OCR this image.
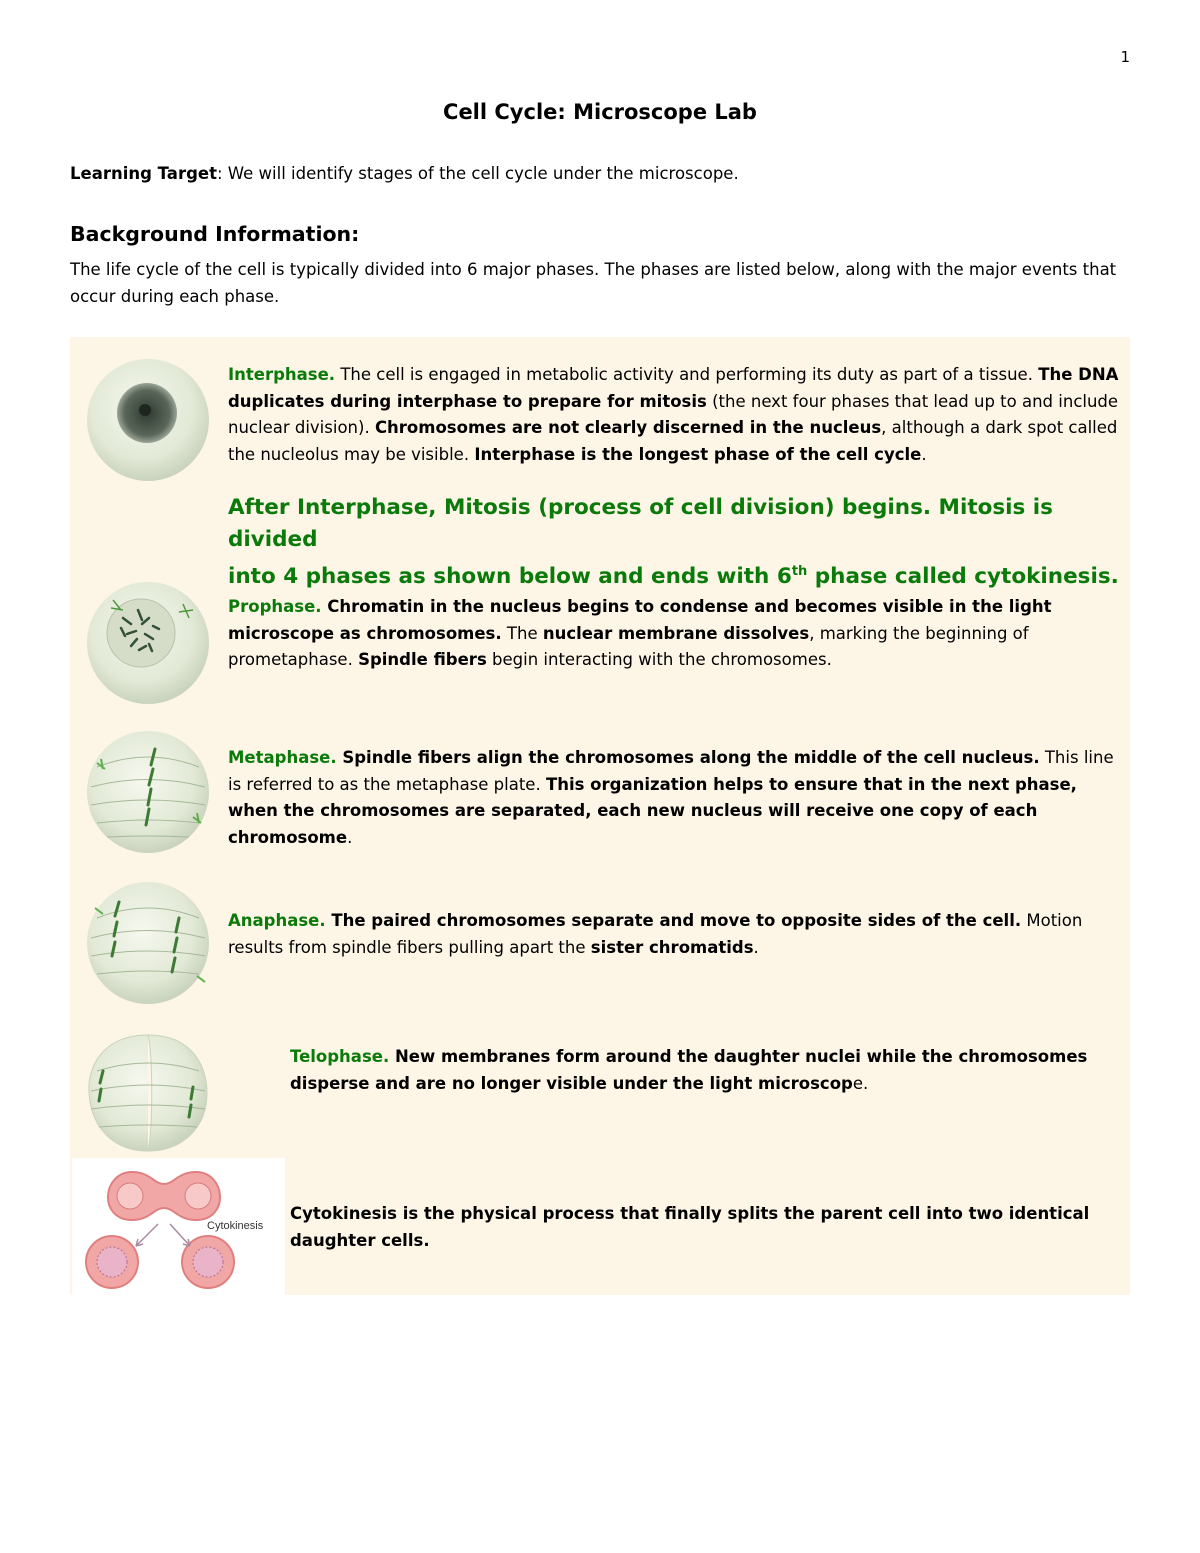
1
Cell Cycle: Microscope Lab
Learning Target: We will identify stages of the cell cycle under the microscope.
Background Information:
The life cycle of the cell is typically divided into 6 major phases. The phases are listed below, along with the major events that occur during each phase.
Interphase. The cell is engaged in metabolic activity and performing its duty as part of a tissue. The DNA duplicates during interphase to prepare for mitosis (the next four phases that lead up to and include nuclear division). Chromosomes are not clearly discerned in the nucleus, although a dark spot called the nucleolus may be visible. Interphase is the longest phase of the cell cycle.
After Interphase, Mitosis (process of cell division) begins. Mitosis is divided
into 4 phases as shown below and ends with 6th phase called cytokinesis.
Prophase. Chromatin in the nucleus begins to condense and becomes visible in the light microscope as chromosomes. The nuclear membrane dissolves, marking the beginning of prometaphase. Spindle fibers begin interacting with the chromosomes.
Metaphase. Spindle fibers align the chromosomes along the middle of the cell nucleus. This line is referred to as the metaphase plate. This organization helps to ensure that in the next phase, when the chromosomes are separated, each new nucleus will receive one copy of each chromosome.
Anaphase. The paired chromosomes separate and move to opposite sides of the cell. Motion results from spindle fibers pulling apart the sister chromatids.
Telophase. New membranes form around the daughter nuclei while the chromosomes disperse and are no longer visible under the light microscope.
Cytokinesis
Cytokinesis is the physical process that finally splits the parent cell into two identical daughter cells.
